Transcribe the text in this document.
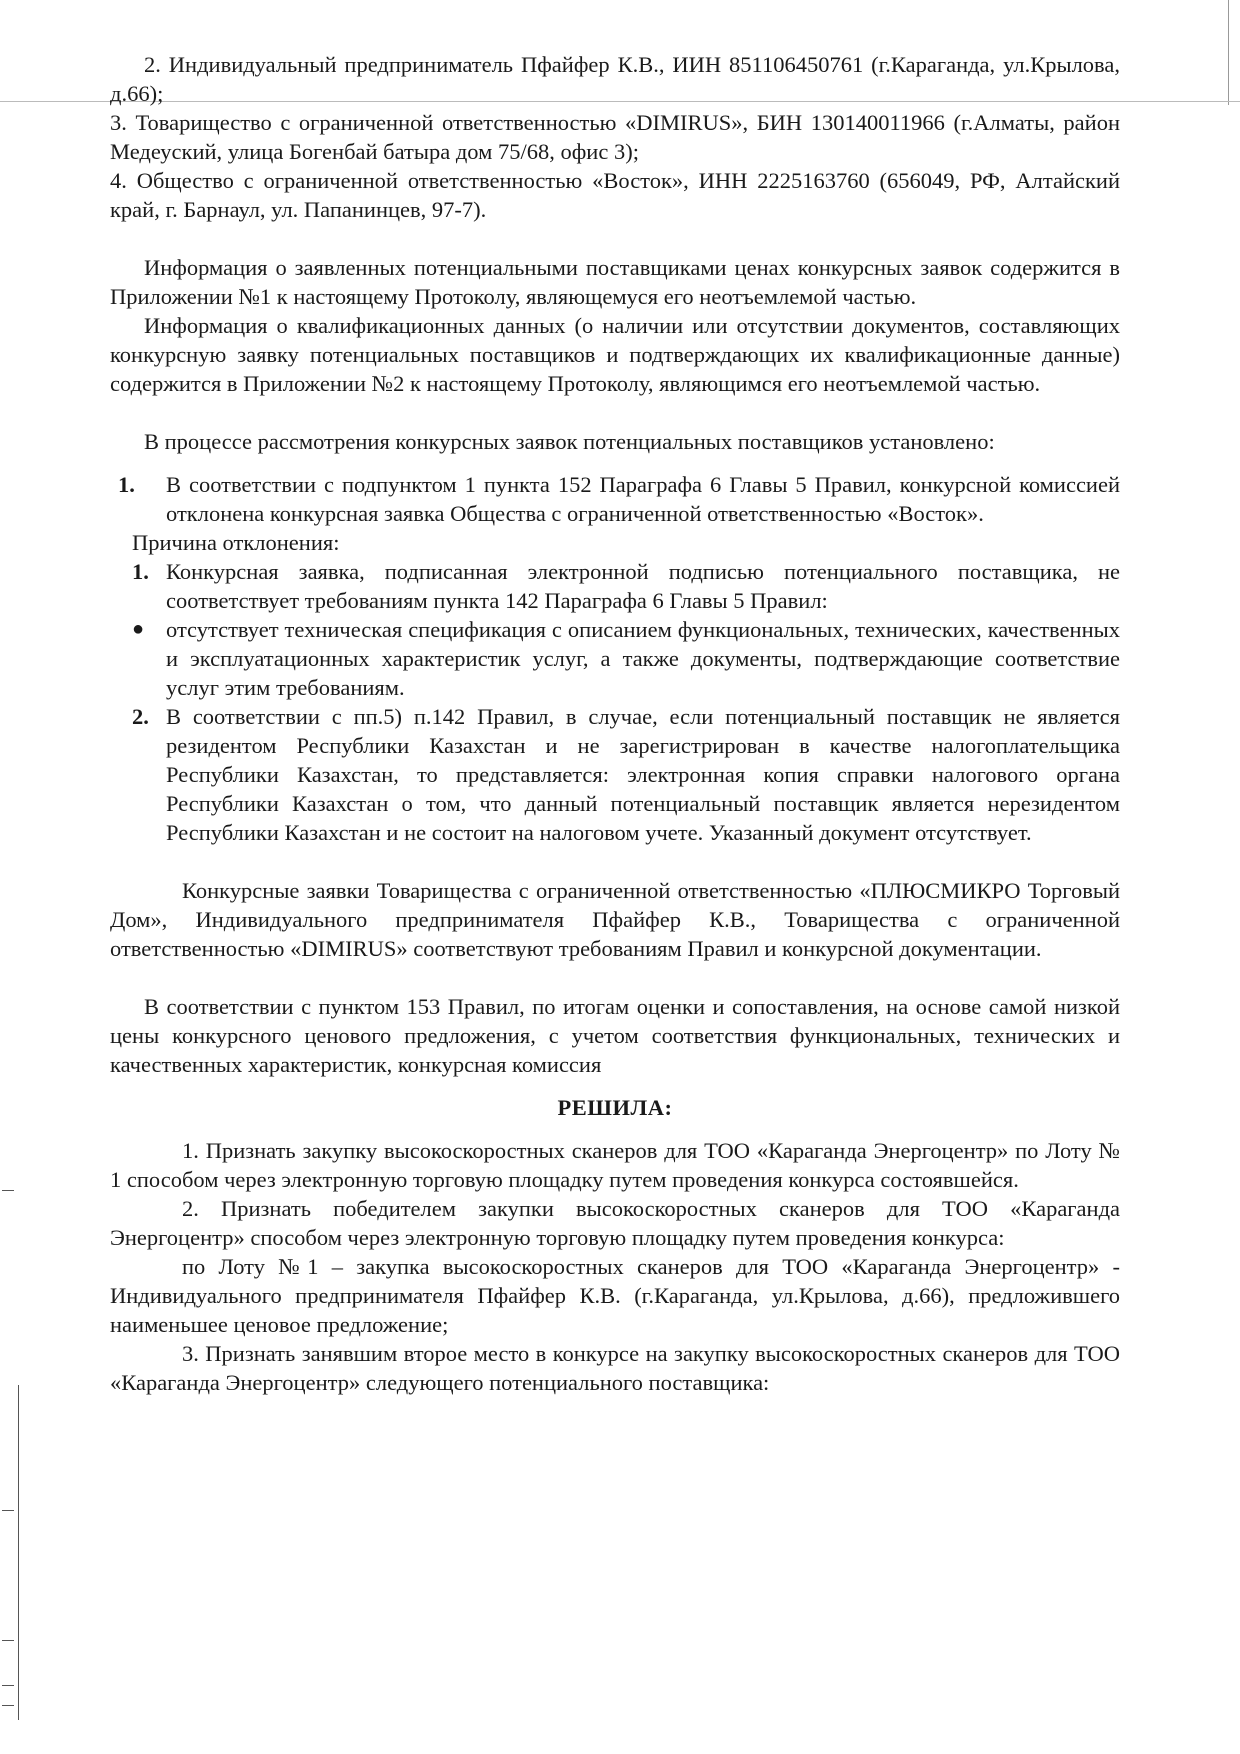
2. Индивидуальный предприниматель Пфайфер К.В., ИИН 851106450761 (г.Караганда, ул.Крылова, д.66);

3. Товарищество с ограниченной ответственностью «DIMIRUS», БИН 130140011966 (г.Алматы, район Медеуский, улица Богенбай батыра дом 75/68, офис 3);

4. Общество с ограниченной ответственностью «Восток», ИНН 2225163760 (656049, РФ, Алтайский край, г. Барнаул, ул. Папанинцев, 97-7).

Информация о заявленных потенциальными поставщиками ценах конкурсных заявок содержится в Приложении №1 к настоящему Протоколу, являющемуся его неотъемлемой частью.

Информация о квалификационных данных (о наличии или отсутствии документов, составляющих конкурсную заявку потенциальных поставщиков и подтверждающих их квалификационные данные) содержится в Приложении №2 к настоящему Протоколу, являющимся его неотъемлемой частью.

В процессе рассмотрения конкурсных заявок потенциальных поставщиков установлено:

1.	В соответствии с подпунктом 1 пункта 152 Параграфа 6 Главы 5 Правил, конкурсной комиссией отклонена конкурсная заявка Общества с ограниченной ответственностью «Восток».

Причина отклонения:

1. Конкурсная заявка, подписанная электронной подписью потенциального поставщика, не соответствует требованиям пункта 142 Параграфа 6 Главы 5 Правил:
● отсутствует техническая спецификация с описанием функциональных, технических, качественных и эксплуатационных характеристик услуг, а также документы, подтверждающие соответствие услуг этим требованиям.
2. В соответствии с пп.5) п.142 Правил, в случае, если потенциальный поставщик не является резидентом Республики Казахстан и не зарегистрирован в качестве налогоплательщика Республики Казахстан, то представляется: электронная копия справки налогового органа Республики Казахстан о том, что данный потенциальный поставщик является нерезидентом Республики Казахстан и не состоит на налоговом учете. Указанный документ отсутствует.

Конкурсные заявки Товарищества с ограниченной ответственностью «ПЛЮСМИКРО Торговый Дом», Индивидуального предпринимателя Пфайфер К.В., Товарищества с ограниченной ответственностью «DIMIRUS» соответствуют требованиям Правил и конкурсной документации.

В соответствии с пунктом 153 Правил, по итогам оценки и сопоставления, на основе самой низкой цены конкурсного ценового предложения, с учетом соответствия функциональных, технических и качественных характеристик, конкурсная комиссия

РЕШИЛА:

1. Признать закупку высокоскоростных сканеров для ТОО «Караганда Энергоцентр» по Лоту № 1 способом через электронную торговую площадку путем проведения конкурса состоявшейся.

2. Признать победителем закупки высокоскоростных сканеров для ТОО «Караганда Энергоцентр» способом через электронную торговую площадку путем проведения конкурса:

по Лоту №1 – закупка высокоскоростных сканеров для ТОО «Караганда Энергоцентр» - Индивидуального предпринимателя Пфайфер К.В. (г.Караганда, ул.Крылова, д.66), предложившего наименьшее ценовое предложение;

3. Признать занявшим второе место в конкурсе на закупку высокоскоростных сканеров для ТОО «Караганда Энергоцентр» следующего потенциального поставщика:
